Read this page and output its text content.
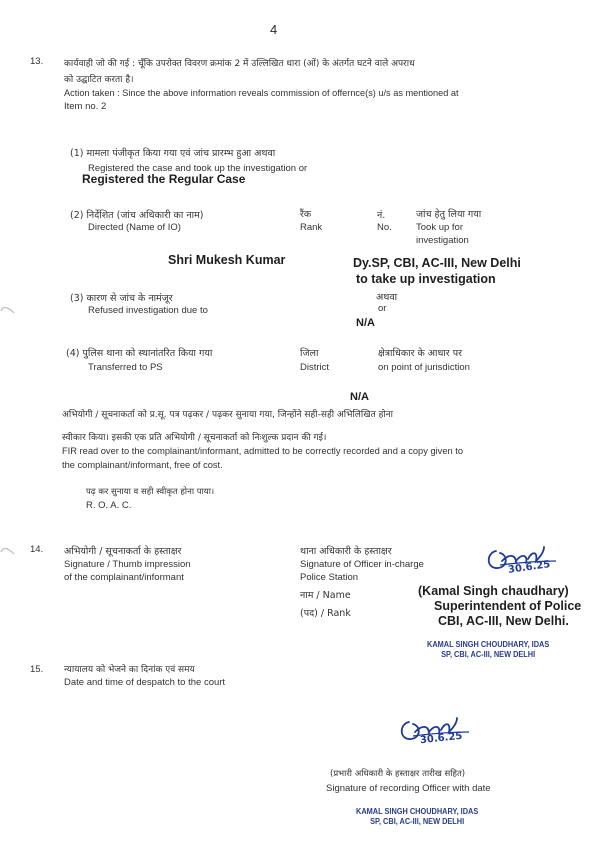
4
13. कार्यवाही जो की गई : चूँकि उपरोक्त विवरण क्रमांक 2 में उल्लिखित धारा (ओं) के अंतर्गत घटने वाले अपराध
को उद्घाटित करता है।
Action taken : Since the above information reveals commission of offernce(s) u/s as mentioned at
Item no. 2
(1) मामला पंजीकृत किया गया एवं जांच प्रारम्भ हुआ अथवा
Registered the case and took up the investigation or
Registered the Regular Case
(2) निर्देशित (जांच अधिकारी का नाम)
Directed (Name of IO)
रैंक
Rank
नं.
No.
जांच हेतु लिया गया
Took up for
investigation
Shri Mukesh Kumar	Dy.SP, CBI, AC-III, New Delhi
to take up investigation
(3) कारण से जांच के नामंजूर
Refused investigation due to
अथवा
or
N/A
(4) पुलिस थाना को स्थानांतरित किया गया
Transferred to PS
जिला
District
क्षेत्राधिकार के आधार पर
on point of jurisdiction
N/A
अभियोगी / सूचनाकर्ता को प्र.सू. पत्र पढ़कर / पढ़कर सुनाया गया, जिन्होंने सही-सही अभिलिखित होना
स्वीकार किया। इसकी एक प्रति अभियोगी / सूचनाकर्ता को निःशुल्क प्रदान की गई।
FIR read over to the complainant/informant, admitted to be correctly recorded and a copy given to
the complainant/informant, free of cost.
पढ़ कर सुनाया व सही स्वीकृत होना पाया।
R. O. A. C.
14. अभियोगी / सूचनाकर्ता के हस्ताक्षर
Signature / Thumb impression
of the complainant/informant
थाना अधिकारी के हस्ताक्षर
Signature of Officer in-charge
Police Station
नाम / Name
(पद) / Rank
30.6.25
(Kamal Singh chaudhary)
Superintendent of Police
CBI, AC-III, New Delhi.
KAMAL SINGH CHOUDHARY, IDAS
SP, CBI, AC-III, NEW DELHI
15. न्यायालय को भेजने का दिनांक एवं समय
Date and time of despatch to the court
30.6.25
(प्रभारी अधिकारी के हस्ताक्षर तारीख सहित)
Signature of recording Officer with date
KAMAL SINGH CHOUDHARY, IDAS
SP, CBI, AC-III, NEW DELHI
